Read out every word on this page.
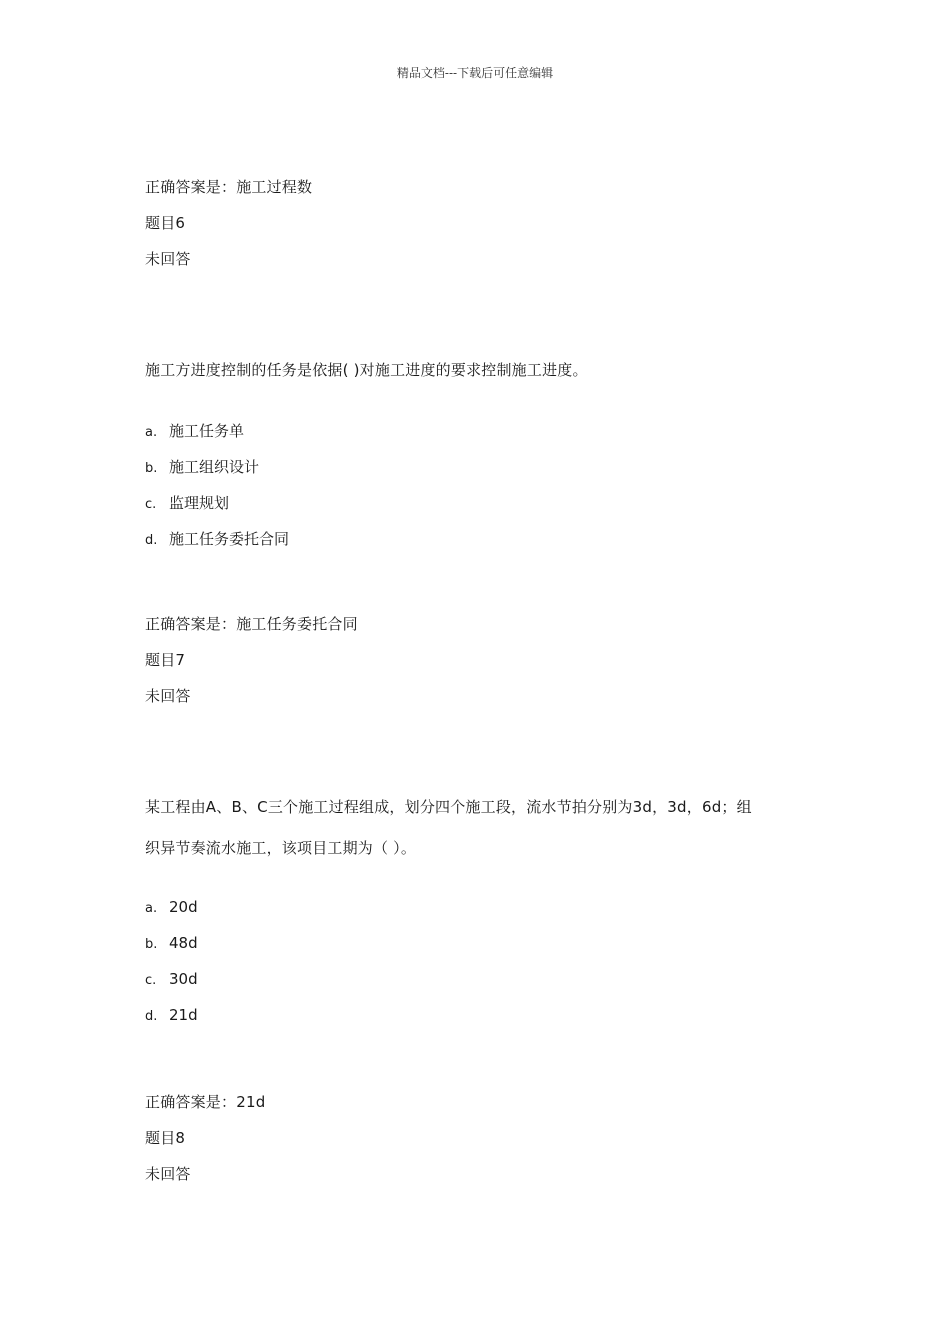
精品文档---下载后可任意编辑
正确答案是：施工过程数
题目6
未回答
施工方进度控制的任务是依据( )对施工进度的要求控制施工进度。
a. 施工任务单
b. 施工组织设计
c. 监理规划
d. 施工任务委托合同
正确答案是：施工任务委托合同
题目7
未回答
某工程由A、B、C三个施工过程组成，划分四个施工段，流水节拍分别为3d，3d，6d；组
织异节奏流水施工，该项目工期为（ ）。
a. 20d
b. 48d
c. 30d
d. 21d
正确答案是：21d
题目8
未回答
